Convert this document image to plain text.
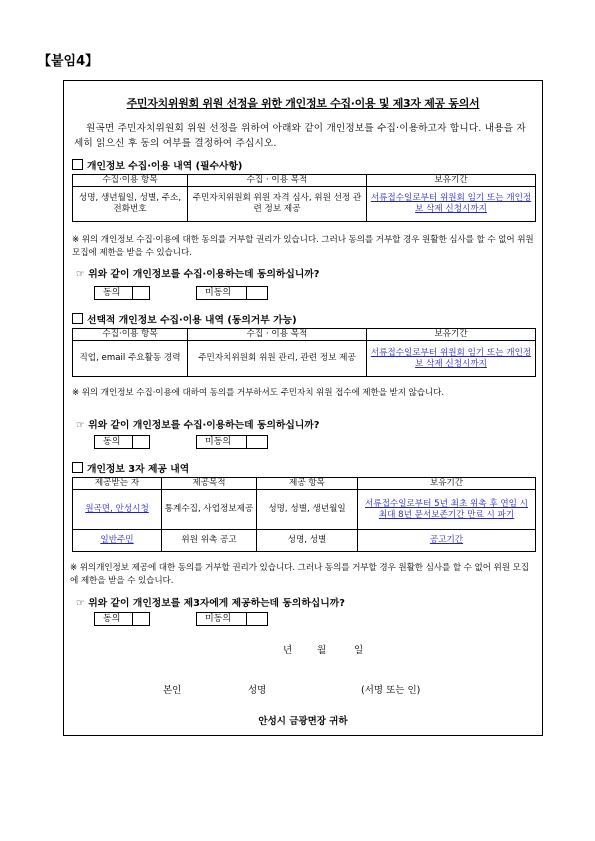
【붙임4】
주민자치위원회 위원 선정을 위한 개인정보 수집·이용 및 제3자 제공 동의서
원곡면 주민자치위원회 위원 선정을 위하여 아래와 같이 개인정보를 수집·이용하고자 합니다. 내용을 자세히 읽으신 후 동의 여부를 결정하여 주십시오.
개인정보 수집·이용 내역 (필수사항)
수집·이용 항목	수집 · 이용 목적	보유기간
성명, 생년월일, 성별, 주소, 전화번호	주민자치위원회 위원 자격 심사, 위원 선정 관련 정보 제공	서류접수일로부터 위원회 임기 또는 개인정보 삭제 신청시까지
※ 위의 개인정보 수집·이용에 대한 동의를 거부할 권리가 있습니다. 그러나 동의를 거부할 경우 원활한 심사를 할 수 없어 위원 모집에 제한을 받을 수 있습니다.
☞ 위와 같이 개인정보를 수집·이용하는데 동의하십니까?
동의	미동의
선택적 개인정보 수집·이용 내역 (동의거부 가능)
수집·이용 항목	수집 · 이용 목적	보유기간
직업, email 주요활동 경력	주민자치위원회 위원 관리, 관련 정보 제공	서류접수일로부터 위원회 임기 또는 개인정보 삭제 신청시까지
※ 위의 개인정보 수집·이용에 대하여 동의를 거부하셔도 주민자치 위원 접수에 제한을 받지 않습니다.
☞ 위와 같이 개인정보를 수집·이용하는데 동의하십니까?
동의	미동의
개인정보 3자 제공 내역
제공받는 자	제공목적	제공 항목	보유기간
원곡면, 안성시청	통계수집, 사업정보제공	성명, 성별, 생년월일	서류접수일로부터 5년 최초 위촉 후 연임 시 최대 8년 문서보존기간 만료 시 파기
일반주민	위원 위촉 공고	성명, 성별	공고기간
※ 위의개인정보 제공에 대한 동의를 거부할 권리가 있습니다. 그러나 동의를 거부할 경우 원활한 심사를 할 수 없어 위원 모집에 제한을 받을 수 있습니다.
☞ 위와 같이 개인정보를 제3자에게 제공하는데 동의하십니까?
동의	미동의
년	월	일
본인	성명	(서명 또는 인)
안성시 금광면장 귀하
